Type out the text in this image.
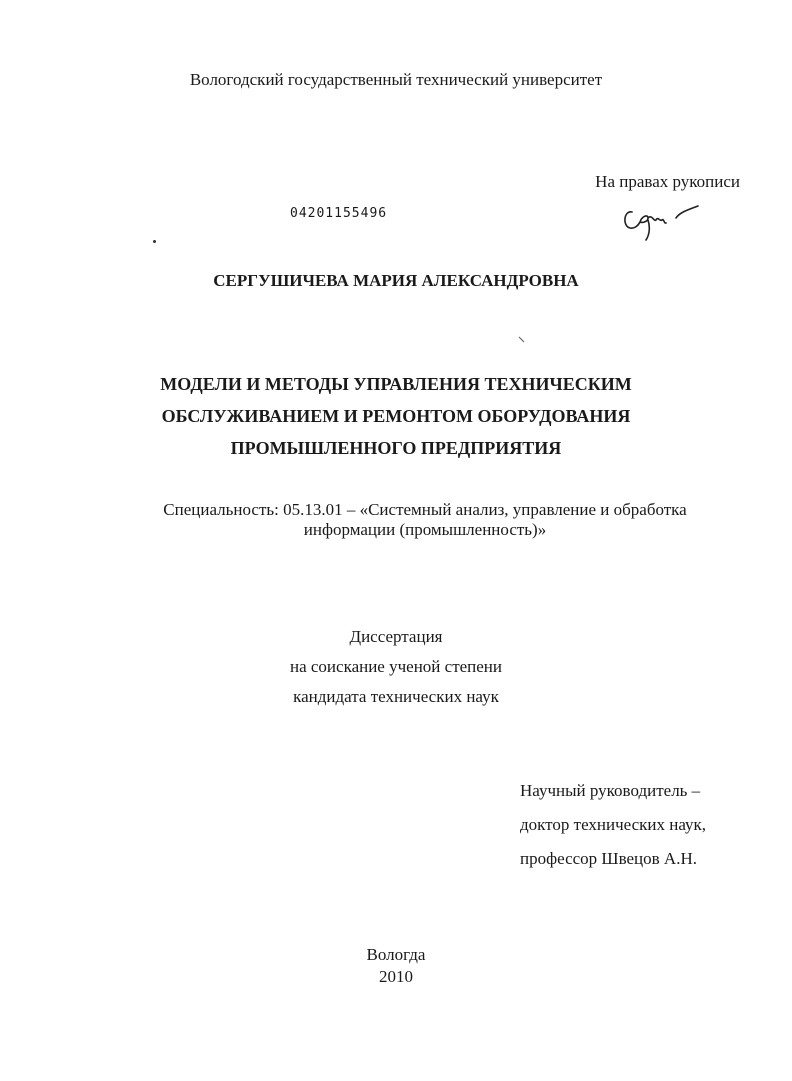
Вологодский государственный технический университет
На правах рукописи
04201155496
СЕРГУШИЧЕВА МАРИЯ АЛЕКСАНДРОВНА
МОДЕЛИ И МЕТОДЫ УПРАВЛЕНИЯ ТЕХНИЧЕСКИМ
ОБСЛУЖИВАНИЕМ И РЕМОНТОМ ОБОРУДОВАНИЯ
ПРОМЫШЛЕННОГО ПРЕДПРИЯТИЯ
Специальность: 05.13.01 – «Системный анализ, управление и обработка информации (промышленность)»
Диссертация
на соискание ученой степени
кандидата технических наук
Научный руководитель –
доктор технических наук,
профессор Швецов А.Н.
Вологда
2010
